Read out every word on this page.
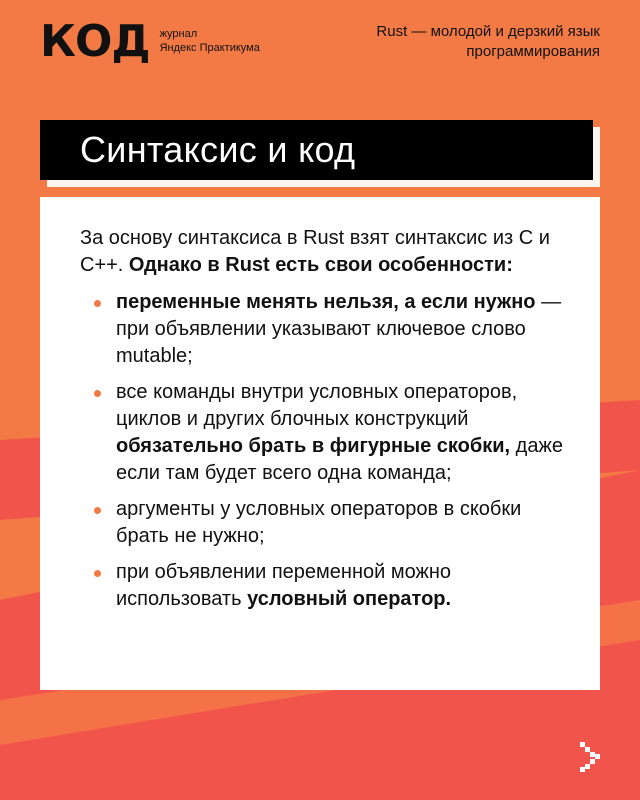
КОД журнал
Яндекс Практикума
Rust — молодой и дерзкий язык
программирования
Синтаксис и код

За основу синтаксиса в Rust взят синтаксис из C и C++. Однако в Rust есть свои особенности:

переменные менять нельзя, а если нужно — при объявлении указывают ключевое слово mutable;
все команды внутри условных операторов, циклов и других блочных конструкций обязательно брать в фигурные скобки, даже если там будет всего одна команда;
аргументы у условных операторов в скобки брать не нужно;
при объявлении переменной можно использовать условный оператор.
